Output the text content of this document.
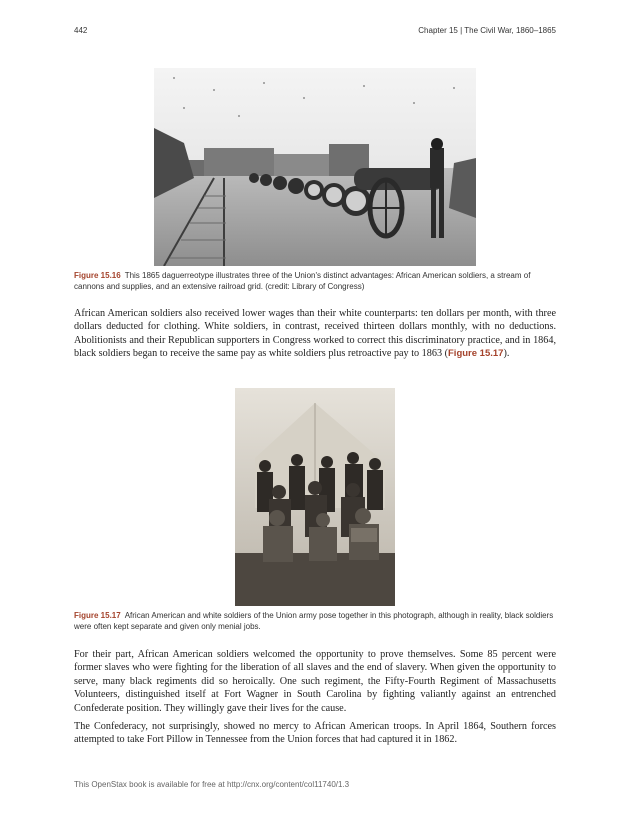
442	Chapter 15 | The Civil War, 1860–1865
Figure 15.16 This 1865 daguerreotype illustrates three of the Union's distinct advantages: African American soldiers, a stream of cannons and supplies, and an extensive railroad grid. (credit: Library of Congress)

African American soldiers also received lower wages than their white counterparts: ten dollars per month, with three dollars deducted for clothing. White soldiers, in contrast, received thirteen dollars monthly, with no deductions. Abolitionists and their Republican supporters in Congress worked to correct this discriminatory practice, and in 1864, black soldiers began to receive the same pay as white soldiers plus retroactive pay to 1863 (Figure 15.17).

Figure 15.17 African American and white soldiers of the Union army pose together in this photograph, although in reality, black soldiers were often kept separate and given only menial jobs.

For their part, African American soldiers welcomed the opportunity to prove themselves. Some 85 percent were former slaves who were fighting for the liberation of all slaves and the end of slavery. When given the opportunity to serve, many black regiments did so heroically. One such regiment, the Fifty-Fourth Regiment of Massachusetts Volunteers, distinguished itself at Fort Wagner in South Carolina by fighting valiantly against an entrenched Confederate position. They willingly gave their lives for the cause.

The Confederacy, not surprisingly, showed no mercy to African American troops. In April 1864, Southern forces attempted to take Fort Pillow in Tennessee from the Union forces that had captured it in 1862.

This OpenStax book is available for free at http://cnx.org/content/col11740/1.3
